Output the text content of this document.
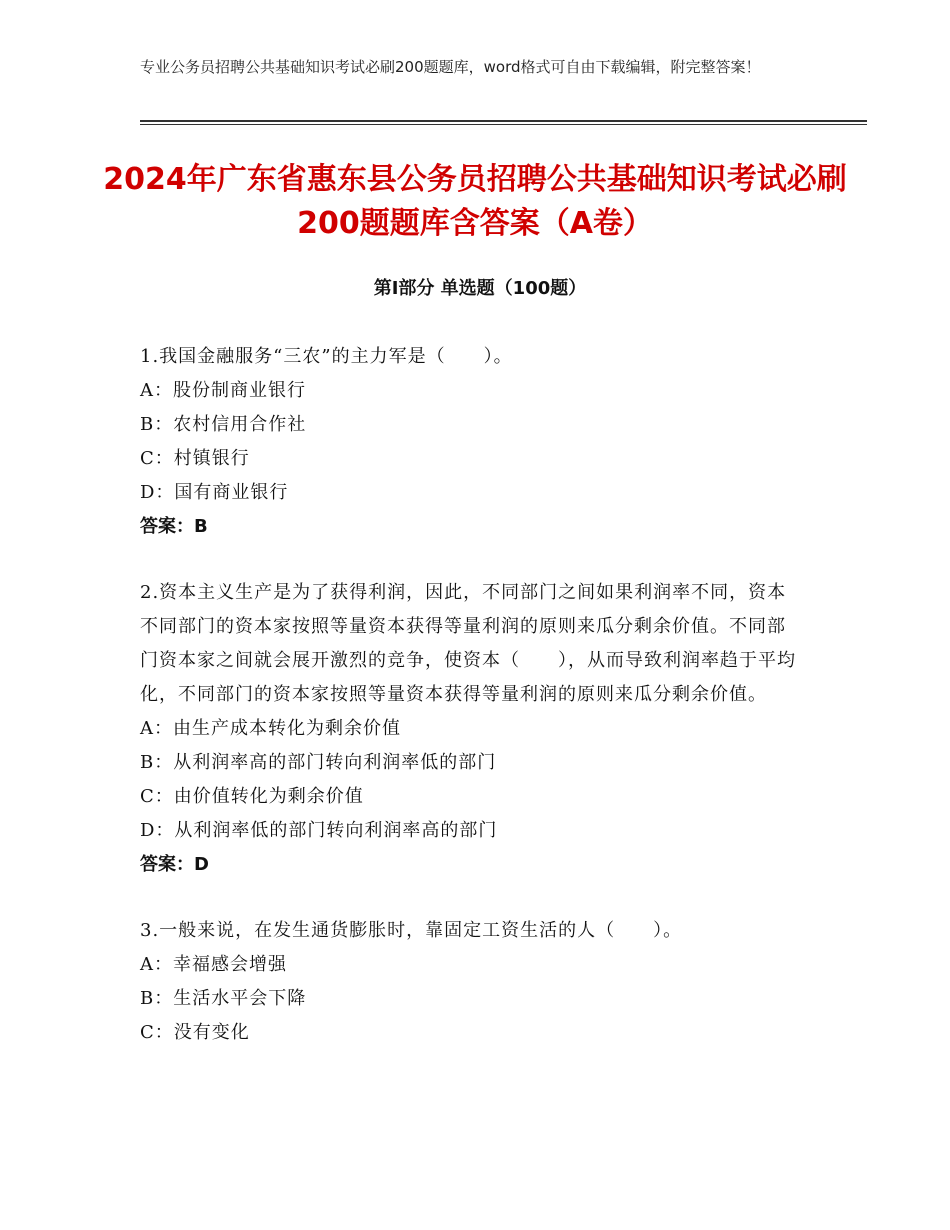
专业公务员招聘公共基础知识考试必刷200题题库，word格式可自由下载编辑，附完整答案！
2024年广东省惠东县公务员招聘公共基础知识考试必刷200题题库含答案（A卷）
第Ⅰ部分 单选题（100题）
1.我国金融服务“三农”的主力军是（　　）。
A：股份制商业银行
B：农村信用合作社
C：村镇银行
D：国有商业银行
答案：B
2.资本主义生产是为了获得利润，因此，不同部门之间如果利润率不同，资本不同部门的资本家按照等量资本获得等量利润的原则来瓜分剩余价值。不同部门资本家之间就会展开激烈的竞争，使资本（　　），从而导致利润率趋于平均化，不同部门的资本家按照等量资本获得等量利润的原则来瓜分剩余价值。
A：由生产成本转化为剩余价值
B：从利润率高的部门转向利润率低的部门
C：由价值转化为剩余价值
D：从利润率低的部门转向利润率高的部门
答案：D
3.一般来说，在发生通货膨胀时，靠固定工资生活的人（　　）。
A：幸福感会增强
B：生活水平会下降
C：没有变化
